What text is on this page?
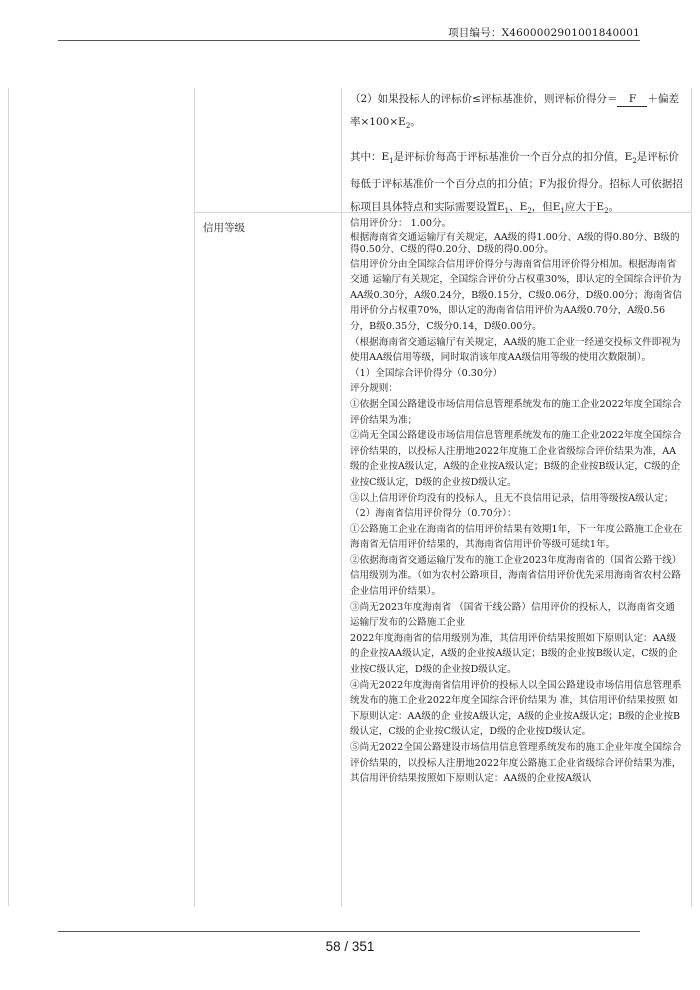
项目编号：X4600002901001840001

（2）如果投标人的评标价≤评标基准价，则评标价得分＝ F ＋偏差率$\times 100\times E_2$。

其中：$E_1$是评标价每高于评标基准价一个百分点的扣分值，$E_2$是评标价每低于评标基准价一个百分点的扣分值；F为报价得分。招标人可依据招标项目具体特点和实际需要设置$E_1$、$E_2$，但$E_1$应大于$E_2$。

信用等级	信用评价分： 1.00分。

根据海南省交通运输厅有关规定，AA级的得1.00分、A级的得0.80分、B级的得0.50分、C级的得0.20分、D级的得0.00分。

信用评价分由全国综合信用评价得分与海南省信用评价得分相加。根据海南省交通 运输厅有关规定，全国综合评价分占权重30%，即认定的全国综合评价为AA级0.30分，A级0.24分，B级0.15分，C级0.06分，D级0.00分；海南省信用评价分占权重70%，即认定的海南省信用评价为AA级0.70分，A级0.56分，B级0.35分，C级分0.14，D级0.00分。

（根据海南省交通运输厅有关规定，AA级的施工企业一经递交投标文件即视为使用AA级信用等级，同时取消该年度AA级信用等级的使用次数限制）。

（1）全国综合评价得分（0.30分）

评分规则：

①依据全国公路建设市场信用信息管理系统发布的施工企业2022年度全国综合评价结果为准；

②尚无全国公路建设市场信用信息管理系统发布的施工企业2022年度全国综合评价结果的，以投标人注册地2022年度施工企业省级综合评价结果为准，AA级的企业按A级认定，A级的企业按A级认定；B级的企业按B级认定，C级的企业按C级认定，D级的企业按D级认定。

③以上信用评价均没有的投标人，且无不良信用记录，信用等级按A级认定；

（2）海南省信用评价得分（0.70分）：

①公路施工企业在海南省的信用评价结果有效期1年，下一年度公路施工企业在海南省无信用评价结果的，其海南省信用评价等级可延续1年。

②依据海南省交通运输厅发布的施工企业2023年度海南省的（国省公路干线）信用级别为准。（如为农村公路项目，海南省信用评价优先采用海南省农村公路企业信用评价结果）。

③尚无2023年度海南省 （国省干线公路）信用评价的投标人，以海南省交通运输厅发布的公路施工企业

2022年度海南省的信用级别为准，其信用评价结果按照如下原则认定：AA级的企业按AA级认定，A级的企业按A级认定；B级的企业按B级认定，C级的企业按C级认定，D级的企业按D级认定。

④尚无2022年度海南省信用评价的投标人以全国公路建设市场信用信息管理系统发布的施工企业2022年度全国综合评价结果为 准，其信用评价结果按照 如下原则认定：AA级的企 业按A级认定，A级的企业按A级认定；B级的企业按B级认定，C级的企业按C级认定，D级的企业按D级认定。

⑤尚无2022全国公路建设市场信用信息管理系统发布的施工企业年度全国综合评价结果的，以投标人注册地2022年度公路施工企业省级综合评价结果为准，其信用评价结果按照如下原则认定：AA级的企业按A级认

58 / 351
